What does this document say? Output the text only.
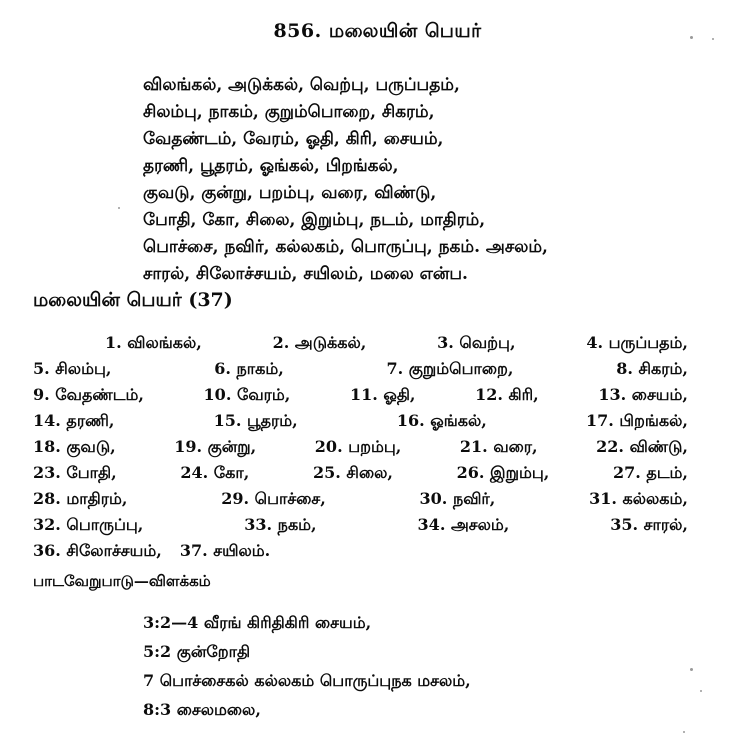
856. மலையின் பெயர்
விலங்கல், அடுக்கல், வெற்பு, பருப்பதம்,
சிலம்பு, நாகம், குறும்பொறை, சிகரம்,
வேதண்டம், வேரம், ஓதி, கிரி, சையம்,
தரணி, பூதரம், ஓங்கல், பிறங்கல்,
குவடு, குன்று, பறம்பு, வரை, விண்டு,
போதி, கோ, சிலை, இறும்பு, நடம், மாதிரம்,
பொச்சை, நவிர், கல்லகம், பொருப்பு, நகம். அசலம்,
சாரல், சிலோச்சயம், சயிலம், மலை என்ப.
மலையின் பெயர் (37)
1. விலங்கல்,	2. அடுக்கல்,	3. வெற்பு,	4. பருப்பதம்,
5. சிலம்பு,	6. நாகம்,	7. குறும்பொறை,	8. சிகரம்,
9. வேதண்டம்,	10. வேரம்,	11. ஓதி,	12. கிரி,	13. சையம்,
14. தரணி,	15. பூதரம்,	16. ஓங்கல்,	17. பிறங்கல்,
18. குவடு,	19. குன்று,	20. பறம்பு,	21. வரை,	22. விண்டு,
23. போதி,	24. கோ,	25. சிலை,	26. இறும்பு,	27. தடம்,
28. மாதிரம்,	29. பொச்சை,	30. நவிர்,	31. கல்லகம்,
32. பொருப்பு,	33. நகம்,	34. அசலம்,	35. சாரல்,
36. சிலோச்சயம், 37. சயிலம்.
பாடவேறுபாடு—விளக்கம்
3:2—4 வீரங் கிரிதிகிரி சையம்,
5:2 குன்றோதி
7 பொச்சைகல் கல்லகம் பொருப்புநக மசலம்,
8:3 சைலமலை,
